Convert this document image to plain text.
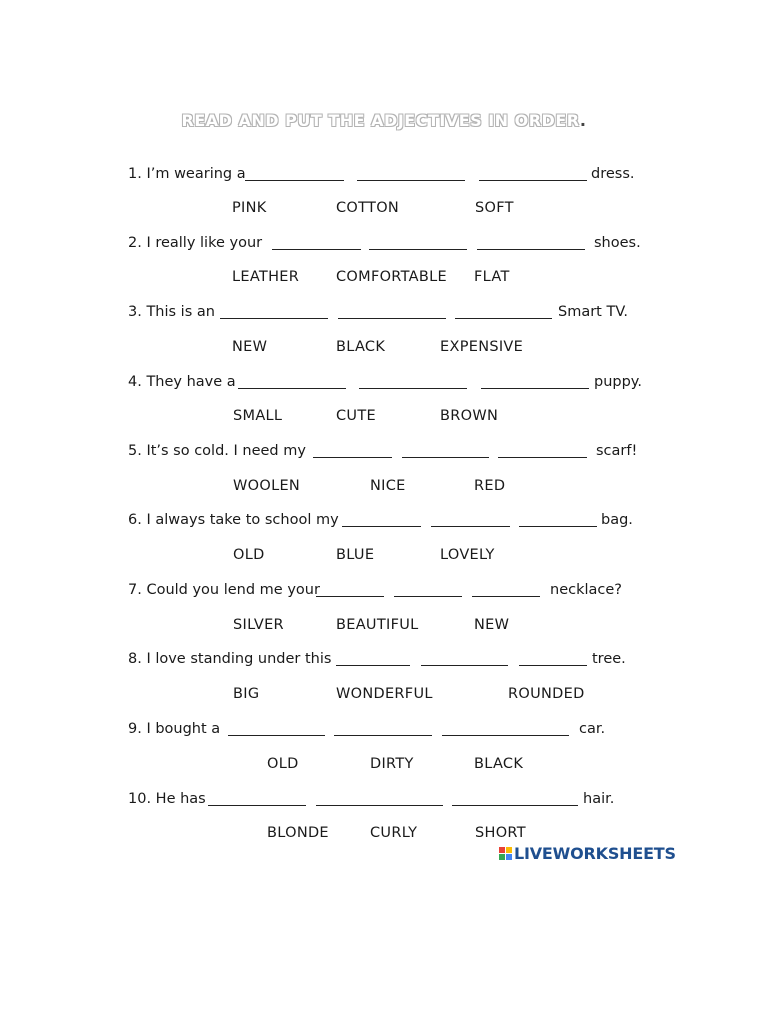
READ AND PUT THE ADJECTIVES IN ORDER.
1. I’m wearing a	dress.
PINK	COTTON	SOFT
2. I really like your	shoes.
LEATHER	COMFORTABLE FLAT
3. This is an	Smart TV.
NEW	BLACK	EXPENSIVE
4. They have a	puppy.
SMALL	CUTE	BROWN
5. It’s so cold. I need my	scarf!
WOOLEN	NICE	RED
6. I always take to school my	bag.
OLD	BLUE	LOVELY
7. Could you lend me your	necklace?
SILVER	BEAUTIFUL	NEW
8. I love standing under this	tree.
BIG	WONDERFUL	ROUNDED
9. I bought a	car.
OLD	DIRTY	BLACK
10. He has	hair.
BLONDE	CURLY	SHORT
LIVEWORKSHEETS
